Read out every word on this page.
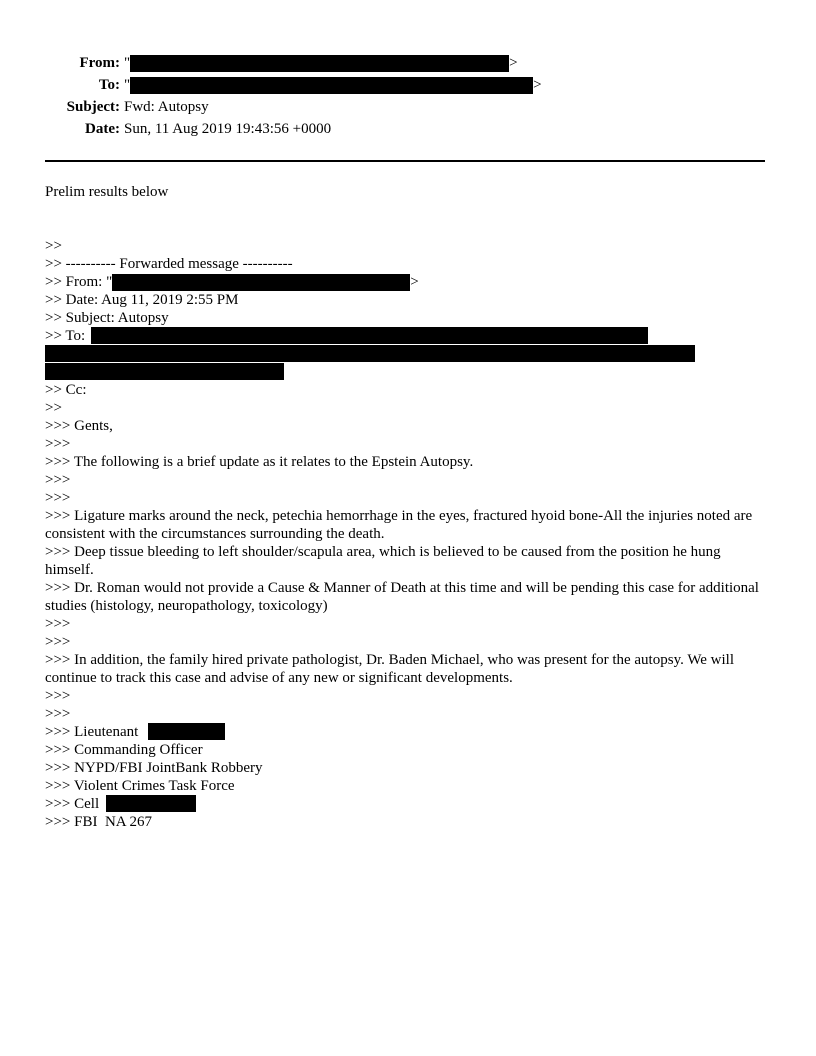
From: "	>
To: "	>
Subject: Fwd: Autopsy
Date: Sun, 11 Aug 2019 19:43:56 +0000
Prelim results below
>>
>> ---------- Forwarded message ----------
>> From: "	>
>> Date: Aug 11, 2019 2:55 PM
>> Subject: Autopsy
>> To:
>> Cc:
>>
>>> Gents,
>>>
>>> The following is a brief update as it relates to the Epstein Autopsy.
>>>
>>>
>>> Ligature marks around the neck, petechia hemorrhage in the eyes, fractured hyoid bone-All the injuries noted are consistent with the circumstances surrounding the death.
>>> Deep tissue bleeding to left shoulder/scapula area, which is believed to be caused from the position he hung himself.
>>> Dr. Roman would not provide a Cause & Manner of Death at this time and will be pending this case for additional studies (histology, neuropathology, toxicology)
>>>
>>>
>>> In addition, the family hired private pathologist, Dr. Baden Michael, who was present for the autopsy. We will continue to track this case and advise of any new or significant developments.
>>>
>>>
>>> Lieutenant
>>> Commanding Officer
>>> NYPD/FBI JointBank Robbery
>>> Violent Crimes Task Force
>>> Cell
>>> FBI  NA 267
